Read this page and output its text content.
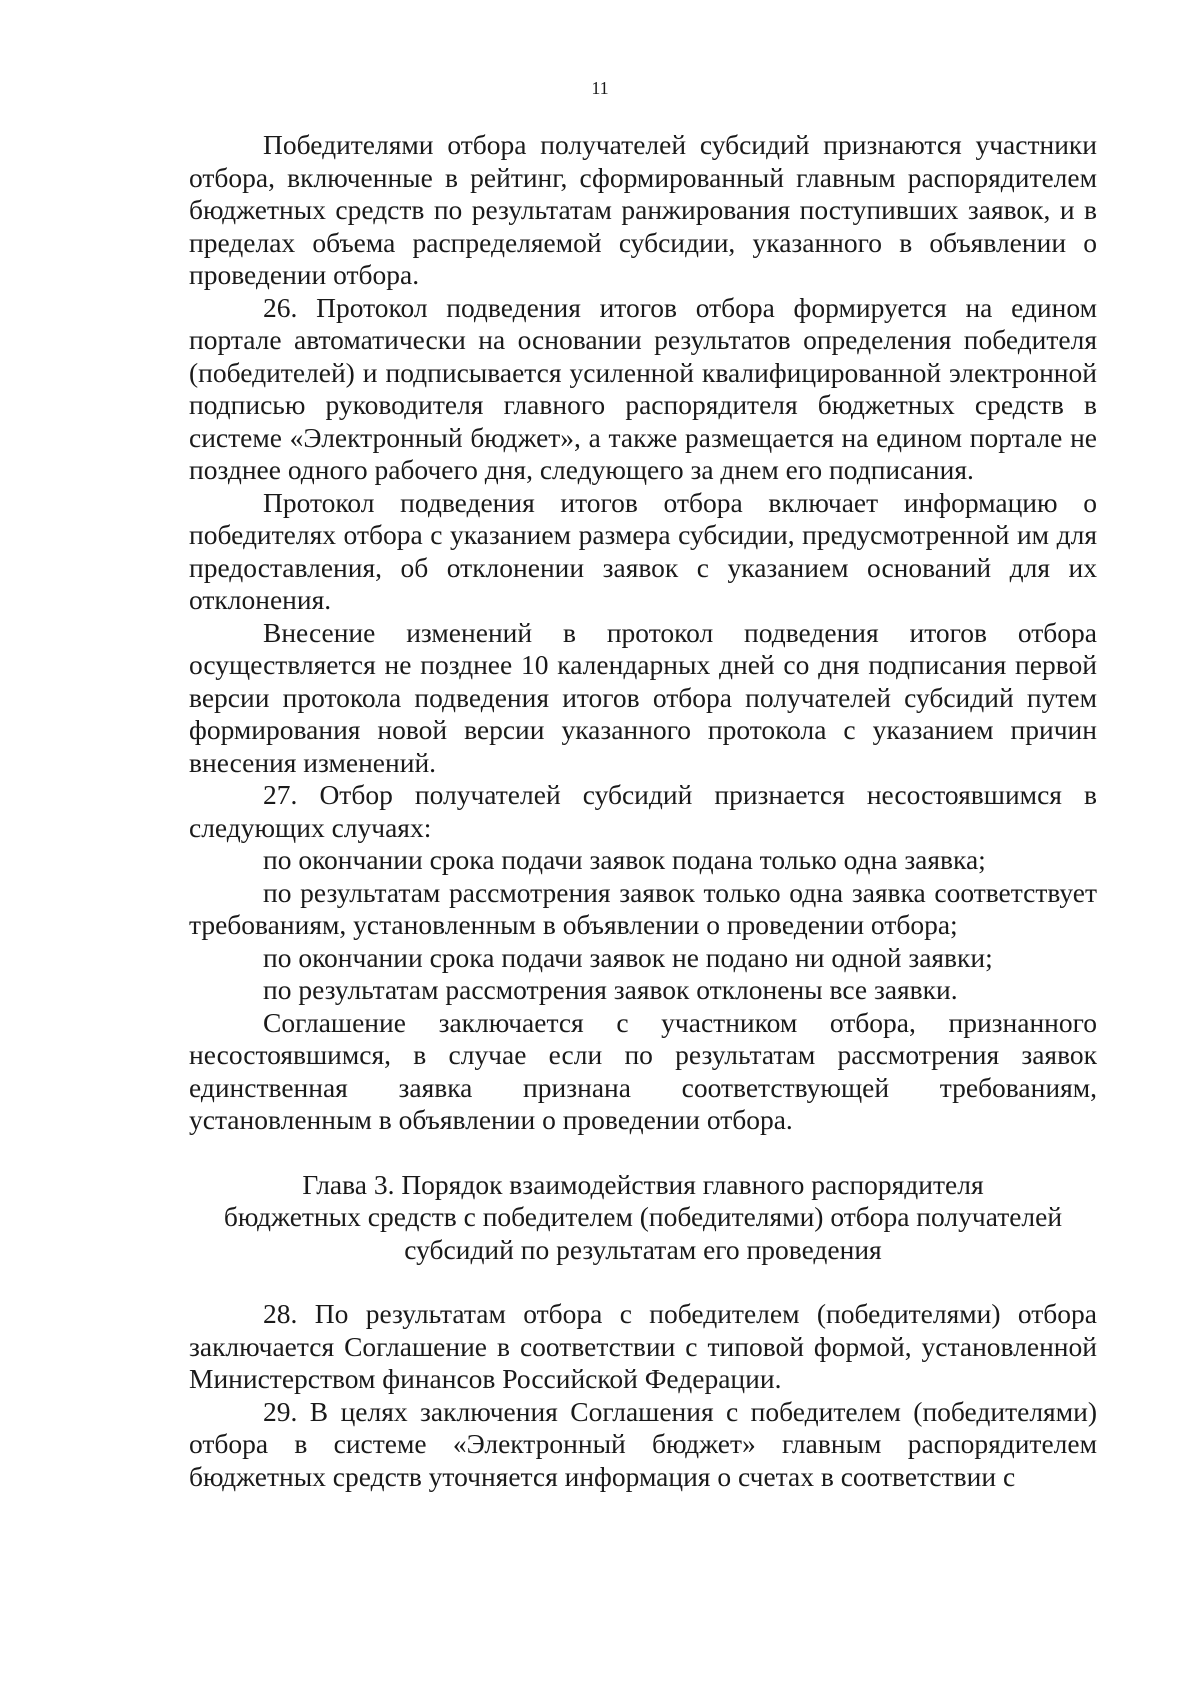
11

Победителями отбора получателей субсидий признаются участники отбора, включенные в рейтинг, сформированный главным распорядителем бюджетных средств по результатам ранжирования поступивших заявок, и в пределах объема распределяемой субсидии, указанного в объявлении о проведении отбора.

26. Протокол подведения итогов отбора формируется на едином портале автоматически на основании результатов определения победителя (победителей) и подписывается усиленной квалифицированной электронной подписью руководителя главного распорядителя бюджетных средств в системе «Электронный бюджет», а также размещается на едином портале не позднее одного рабочего дня, следующего за днем его подписания.

Протокол подведения итогов отбора включает информацию о победителях отбора с указанием размера субсидии, предусмотренной им для предоставления, об отклонении заявок с указанием оснований для их отклонения.

Внесение изменений в протокол подведения итогов отбора осуществляется не позднее 10 календарных дней со дня подписания первой версии протокола подведения итогов отбора получателей субсидий путем формирования новой версии указанного протокола с указанием причин внесения изменений.

27. Отбор получателей субсидий признается несостоявшимся в следующих случаях:

по окончании срока подачи заявок подана только одна заявка;

по результатам рассмотрения заявок только одна заявка соответствует требованиям, установленным в объявлении о проведении отбора;

по окончании срока подачи заявок не подано ни одной заявки;

по результатам рассмотрения заявок отклонены все заявки.

Соглашение заключается с участником отбора, признанного несостоявшимся, в случае если по результатам рассмотрения заявок единственная заявка признана соответствующей требованиям, установленным в объявлении о проведении отбора.

Глава 3. Порядок взаимодействия главного распорядителя
бюджетных средств с победителем (победителями) отбора получателей
субсидий по результатам его проведения

28. По результатам отбора с победителем (победителями) отбора заключается Соглашение в соответствии с типовой формой, установленной Министерством финансов Российской Федерации.

29. В целях заключения Соглашения с победителем (победителями) отбора в системе «Электронный бюджет» главным распорядителем бюджетных средств уточняется информация о счетах в соответствии с
